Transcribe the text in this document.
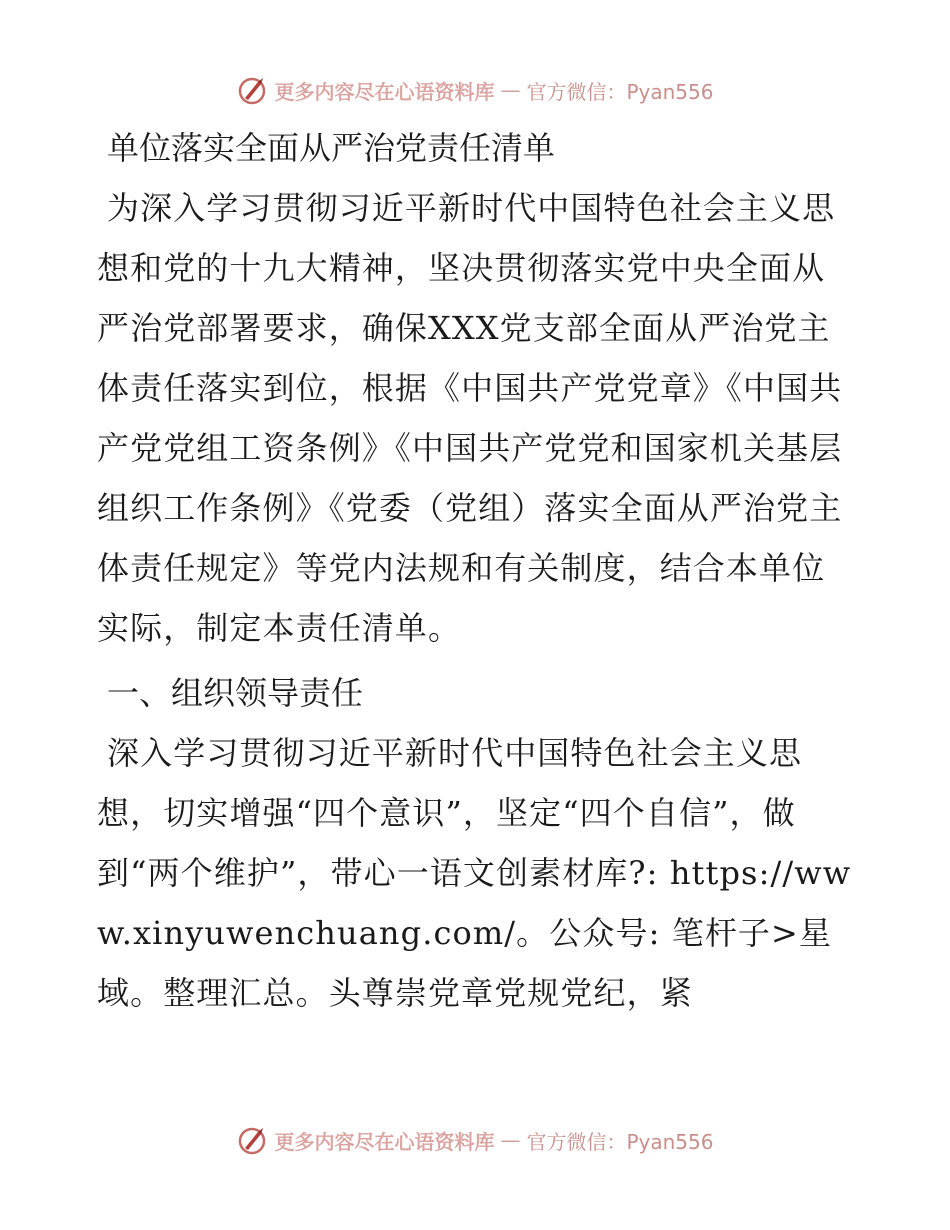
更多内容尽在心语资料库 — 官方微信：Pyan556
单位落实全面从严治党责任清单

为深入学习贯彻习近平新时代中国特色社会主义思想和党的十九大精神，坚决贯彻落实党中央全面从严治党部署要求，确保XXX党支部全面从严治党主体责任落实到位，根据《中国共产党党章》《中国共产党党组工资条例》《中国共产党党和国家机关基层组织工作条例》《党委（党组）落实全面从严治党主体责任规定》等党内法规和有关制度，结合本单位实际，制定本责任清单。

一、组织领导责任

深入学习贯彻习近平新时代中国特色社会主义思想，切实增强“四个意识”，坚定“四个自信”，做到“两个维护”，带心一语文创素材库?: https://www.xinyuwenchuang.com/。公众号: 笔杆子>星域。整理汇总。头尊崇党章党规党纪，紧

更多内容尽在心语资料库 — 官方微信：Pyan556
